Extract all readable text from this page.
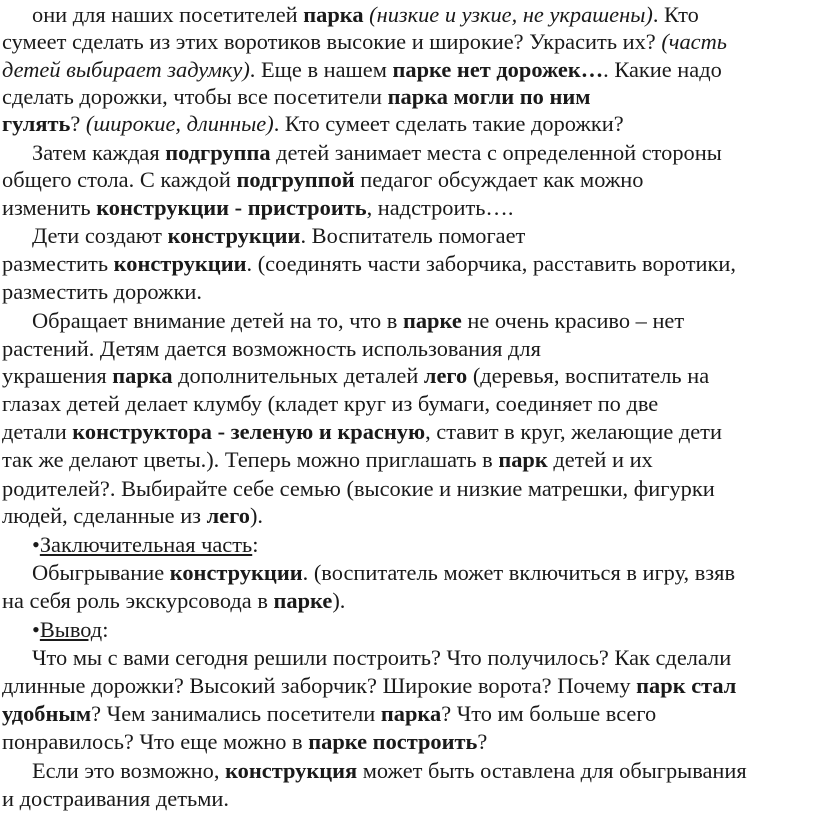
они для наших посетителей парка (низкие и узкие, не украшены). Кто
сумеет сделать из этих воротиков высокие и широкие? Украсить их? (часть
детей выбирает задумку). Еще в нашем парке нет дорожек…. Какие надо
сделать дорожки, чтобы все посетители парка могли по ним
гулять? (широкие, длинные). Кто сумеет сделать такие дорожки?
Затем каждая подгруппа детей занимает места с определенной стороны
общего стола. С каждой подгруппой педагог обсуждает как можно
изменить конструкции - пристроить, надстроить….
Дети создают конструкции. Воспитатель помогает
разместить конструкции. (соединять части заборчика, расставить воротики,
разместить дорожки.
Обращает внимание детей на то, что в парке не очень красиво – нет
растений. Детям дается возможность использования для
украшения парка дополнительных деталей лего (деревья, воспитатель на
глазах детей делает клумбу (кладет круг из бумаги, соединяет по две
детали конструктора - зеленую и красную, ставит в круг, желающие дети
так же делают цветы.). Теперь можно приглашать в парк детей и их
родителей?. Выбирайте себе семью (высокие и низкие матрешки, фигурки
людей, сделанные из лего).
•Заключительная часть:
Обыгрывание конструкции. (воспитатель может включиться в игру, взяв
на себя роль экскурсовода в парке).
•Вывод:
Что мы с вами сегодня решили построить? Что получилось? Как сделали
длинные дорожки? Высокий заборчик? Широкие ворота? Почему парк стал
удобным? Чем занимались посетители парка? Что им больше всего
понравилось? Что еще можно в парке построить?
Если это возможно, конструкция может быть оставлена для обыгрывания
и достраивания детьми.
